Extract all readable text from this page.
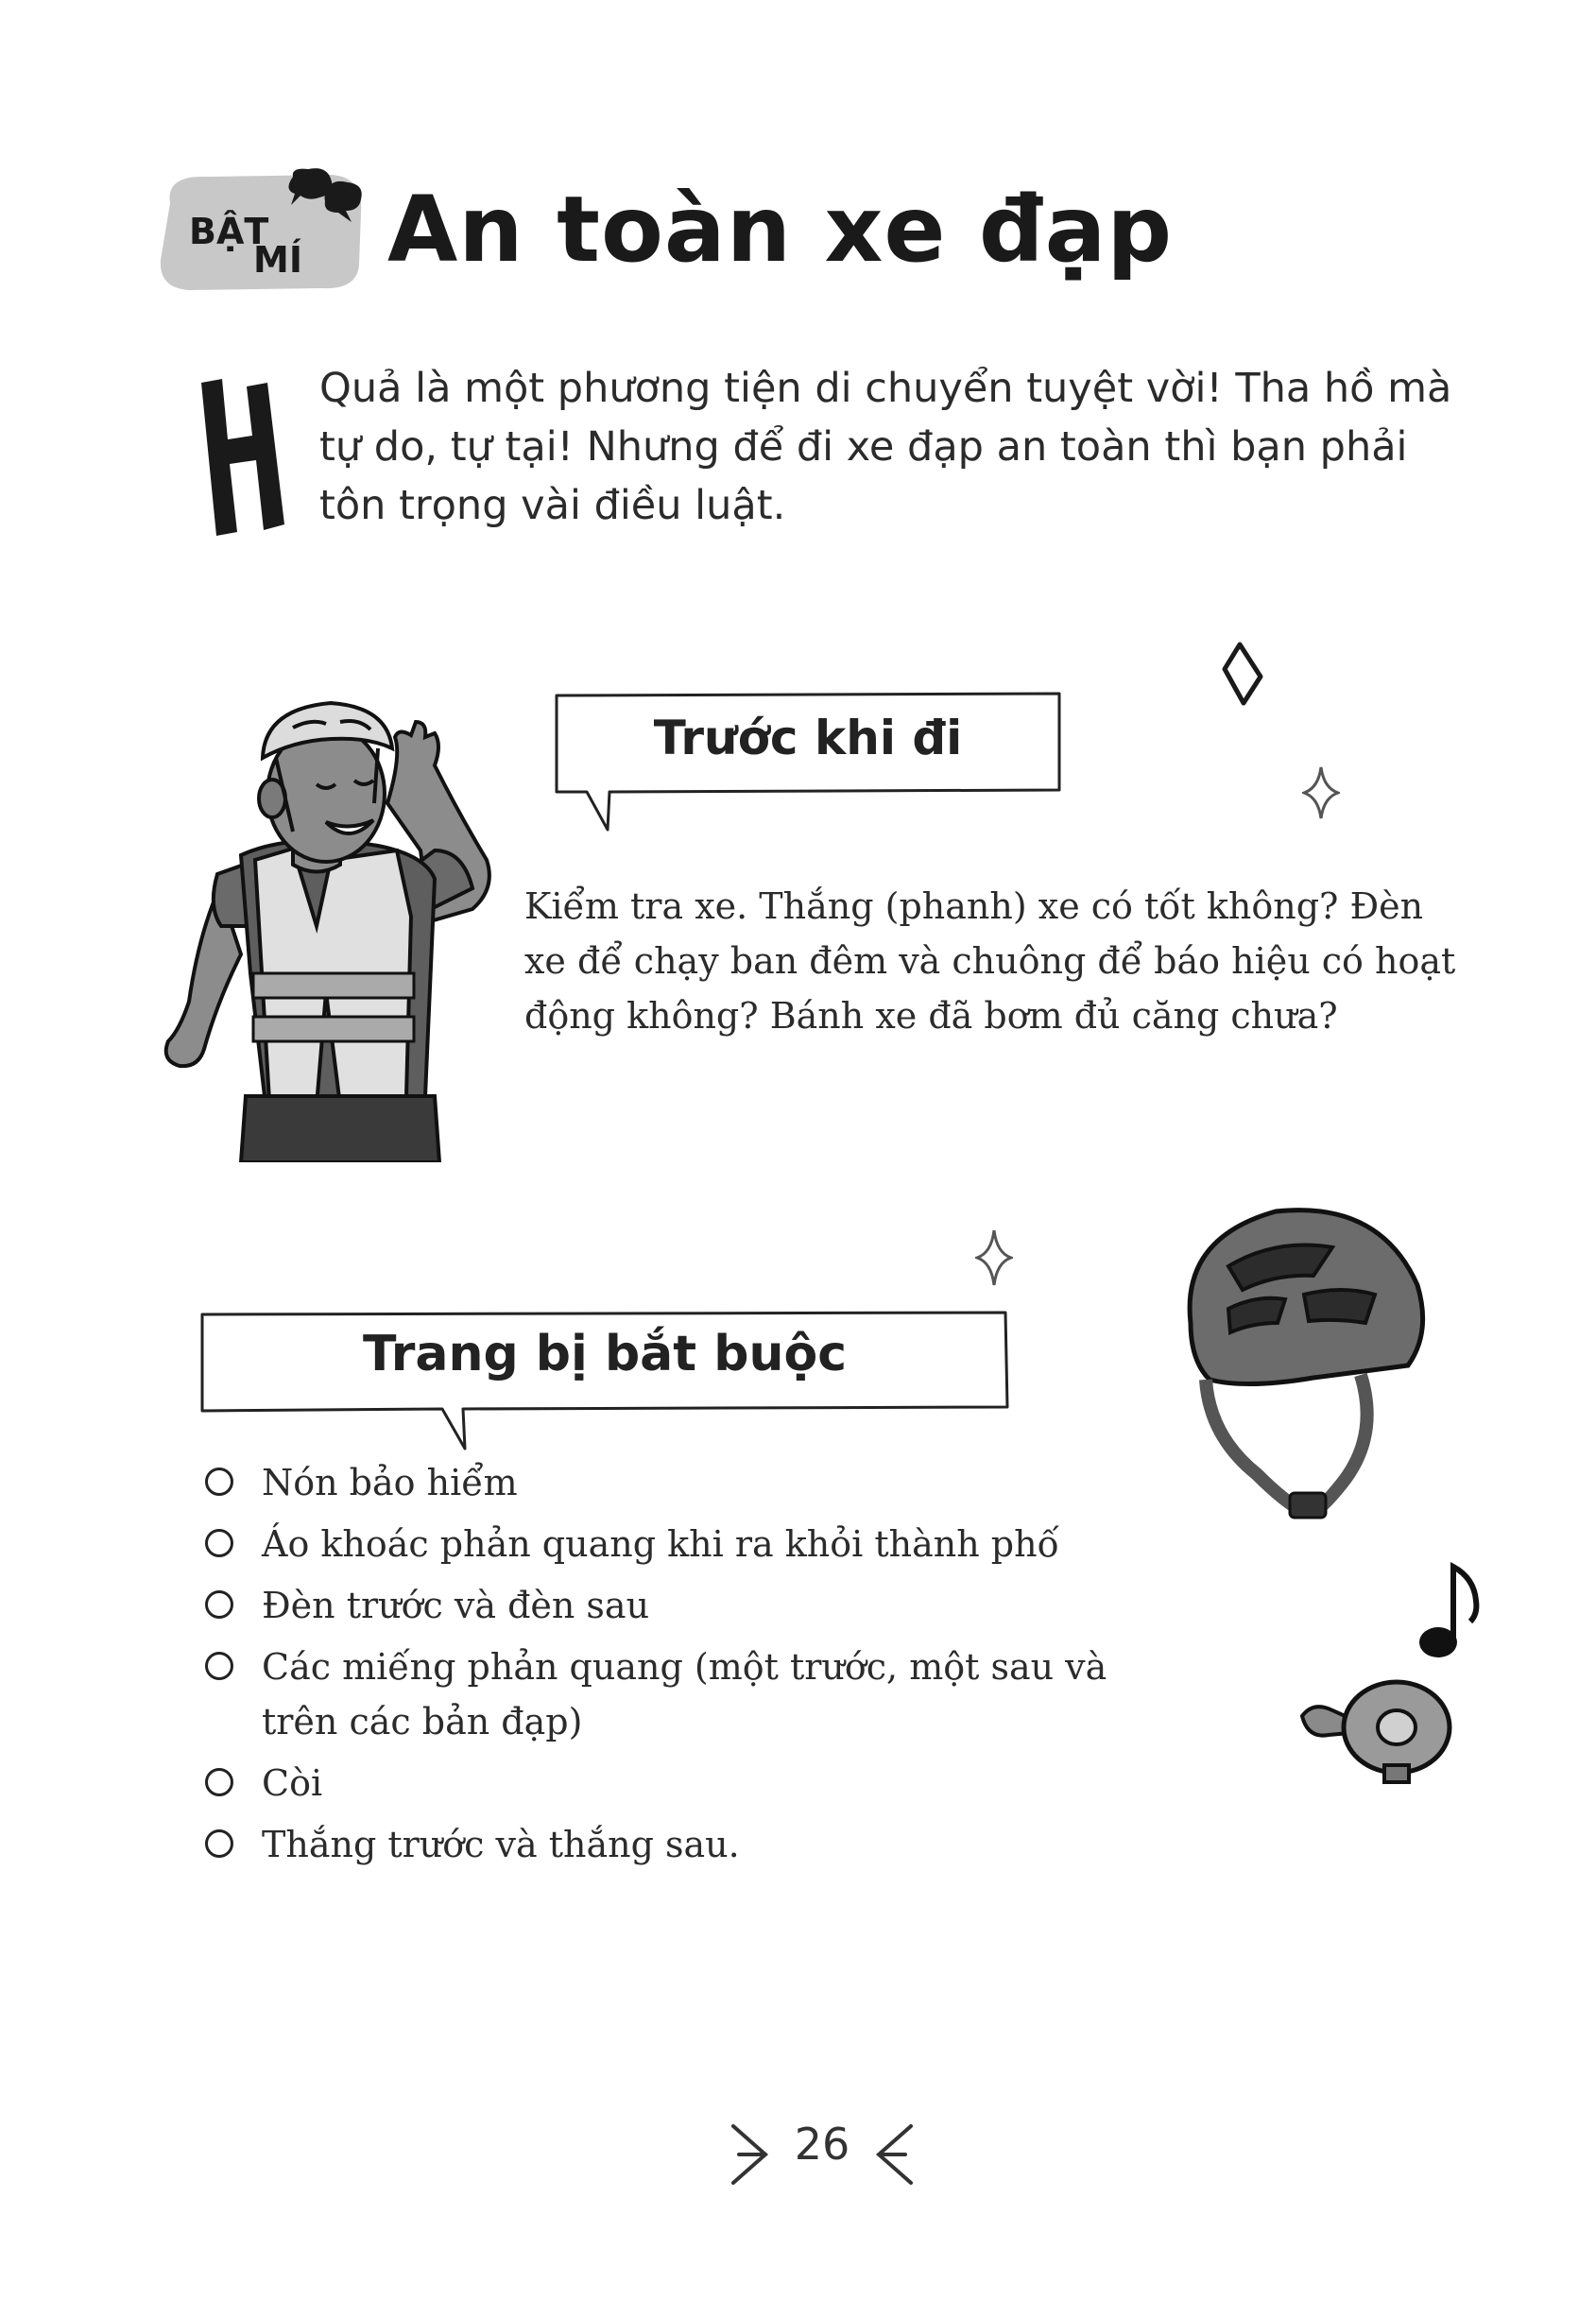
BẬT
MÍ An toàn xe đạp

Quả là một phương tiện di chuyển tuyệt vời! Tha hồ mà tự do, tự tại! Nhưng để đi xe đạp an toàn thì bạn phải tôn trọng vài điều luật.

Trước khi đi

Kiểm tra xe. Thắng (phanh) xe có tốt không? Đèn xe để chạy ban đêm và chuông để báo hiệu có hoạt động không? Bánh xe đã bơm đủ căng chưa?

Trang bị bắt buộc
Nón bảo hiểm
Áo khoác phản quang khi ra khỏi thành phố
Đèn trước và đèn sau
Các miếng phản quang (một trước, một sau và trên các bản đạp)
Còi
Thắng trước và thắng sau.
26
